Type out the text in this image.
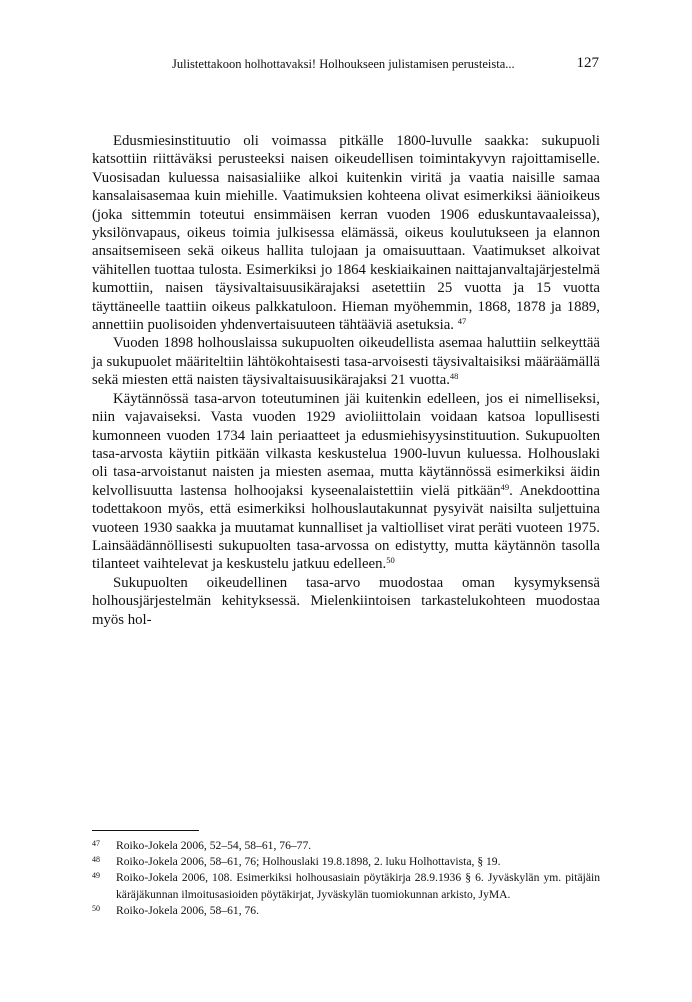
Julistettakoon holhottavaksi! Holhoukseen julistamisen perusteista...	127

Edusmiesinstituutio oli voimassa pitkälle 1800-luvulle saakka: sukupuoli katsottiin riittäväksi perusteeksi naisen oikeudellisen toimintakyvyn rajoittamiselle. Vuosisadan kuluessa naisasialiike alkoi kuitenkin viritä ja vaatia naisille samaa kansalaisasemaa kuin miehille. Vaatimuksien kohteena olivat esimerkiksi äänioikeus (joka sittemmin toteutui ensimmäisen kerran vuoden 1906 eduskuntavaaleissa), yksilönvapaus, oikeus toimia julkisessa elämässä, oikeus koulutukseen ja elannon ansaitsemiseen sekä oikeus hallita tulojaan ja omaisuuttaan. Vaatimukset alkoivat vähitellen tuottaa tulosta. Esimerkiksi jo 1864 keskiaikainen naittajanvaltajärjestelmä kumottiin, naisen täysivaltaisuusikärajaksi asetettiin 25 vuotta ja 15 vuotta täyttäneelle taattiin oikeus palkkatuloon. Hieman myöhemmin, 1868, 1878 ja 1889, annettiin puolisoiden yhdenvertaisuuteen tähtääviä asetuksia. $^{47}$

Vuoden 1898 holhouslaissa sukupuolten oikeudellista asemaa haluttiin selkeyttää ja sukupuolet määriteltiin lähtökohtaisesti tasa-arvoisesti täysivaltaisiksi määräämällä sekä miesten että naisten täysivaltaisuusikärajaksi 21 vuotta.$^{48}$

Käytännössä tasa-arvon toteutuminen jäi kuitenkin edelleen, jos ei nimelliseksi, niin vajavaiseksi. Vasta vuoden 1929 avioliittolain voidaan katsoa lopullisesti kumonneen vuoden 1734 lain periaatteet ja edusmiehisyysinstituution. Sukupuolten tasa-arvosta käytiin pitkään vilkasta keskustelua 1900-luvun kuluessa. Holhouslaki oli tasa-arvoistanut naisten ja miesten asemaa, mutta käytännössä esimerkiksi äidin kelvollisuutta lastensa holhoojaksi kyseenalaistettiin vielä pitkään$^{49}$. Anekdoottina todettakoon myös, että esimerkiksi holhouslautakunnat pysyivät naisilta suljettuina vuoteen 1930 saakka ja muutamat kunnalliset ja valtiolliset virat peräti vuoteen 1975. Lainsäädännöllisesti sukupuolten tasa-arvossa on edistytty, mutta käytännön tasolla tilanteet vaihtelevat ja keskustelu jatkuu edelleen.$^{50}$

Sukupuolten oikeudellinen tasa-arvo muodostaa oman kysymyksensä holhousjärjestelmän kehityksessä. Mielenkiintoisen tarkastelukohteen muodostaa myös hol-

47	Roiko-Jokela 2006, 52–54, 58–61, 76–77.
48	Roiko-Jokela 2006, 58–61, 76; Holhouslaki 19.8.1898, 2. luku Holhottavista, § 19.
49	Roiko-Jokela 2006, 108. Esimerkiksi holhousasiain pöytäkirja 28.9.1936 § 6. Jyväskylän ym. pitäjäin käräjäkunnan ilmoitusasioiden pöytäkirjat, Jyväskylän tuomiokunnan arkisto, JyMA.
50	Roiko-Jokela 2006, 58–61, 76.
